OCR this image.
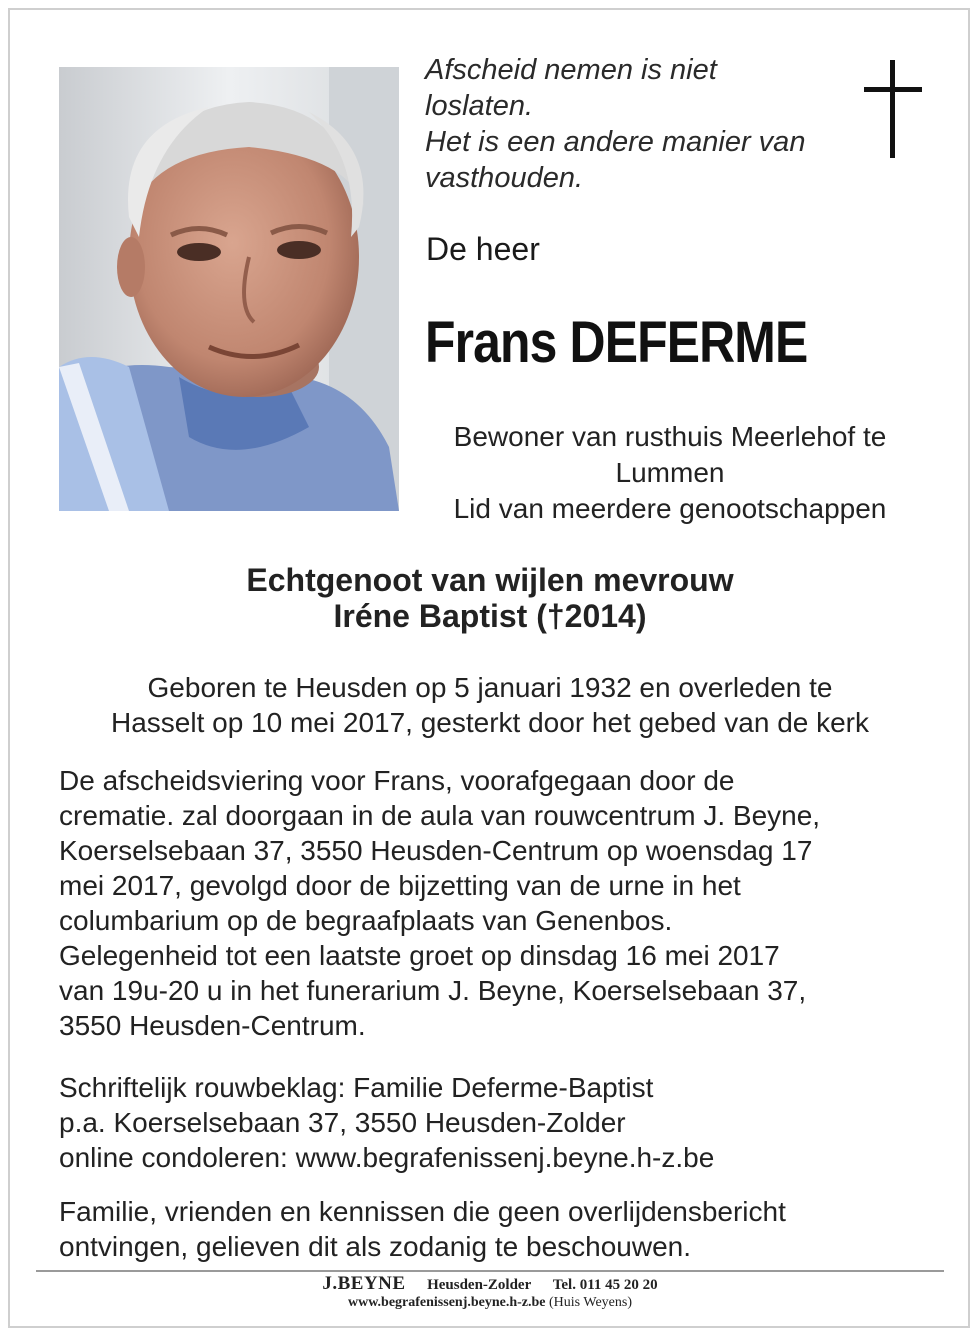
Afscheid nemen is niet
loslaten.
Het is een andere manier van
vasthouden.
De heer
Frans DEFERME
Bewoner van rusthuis Meerlehof te
Lummen
Lid van meerdere genootschappen
Echtgenoot van wijlen mevrouw
Iréne Baptist (†2014)
Geboren te Heusden op 5 januari 1932 en overleden te
Hasselt op 10 mei 2017, gesterkt door het gebed van de kerk
De afscheidsviering voor Frans, voorafgegaan door de
crematie. zal doorgaan in de aula van rouwcentrum J. Beyne,
Koerselsebaan 37, 3550 Heusden-Centrum op woensdag 17
mei 2017, gevolgd door de bijzetting van de urne in het
columbarium op de begraafplaats van Genenbos.
Gelegenheid tot een laatste groet op dinsdag 16 mei 2017
van 19u-20 u in het funerarium J. Beyne, Koerselsebaan 37,
3550 Heusden-Centrum.
Schriftelijk rouwbeklag: Familie Deferme-Baptist
p.a. Koerselsebaan 37, 3550 Heusden-Zolder
online condoleren: www.begrafenissenj.beyne.h-z.be
Familie, vrienden en kennissen die geen overlijdensbericht
ontvingen, gelieven dit als zodanig te beschouwen.
J.BEYNE Heusden-Zolder Tel. 011 45 20 20
www.begrafenissenj.beyne.h-z.be (Huis Weyens)
